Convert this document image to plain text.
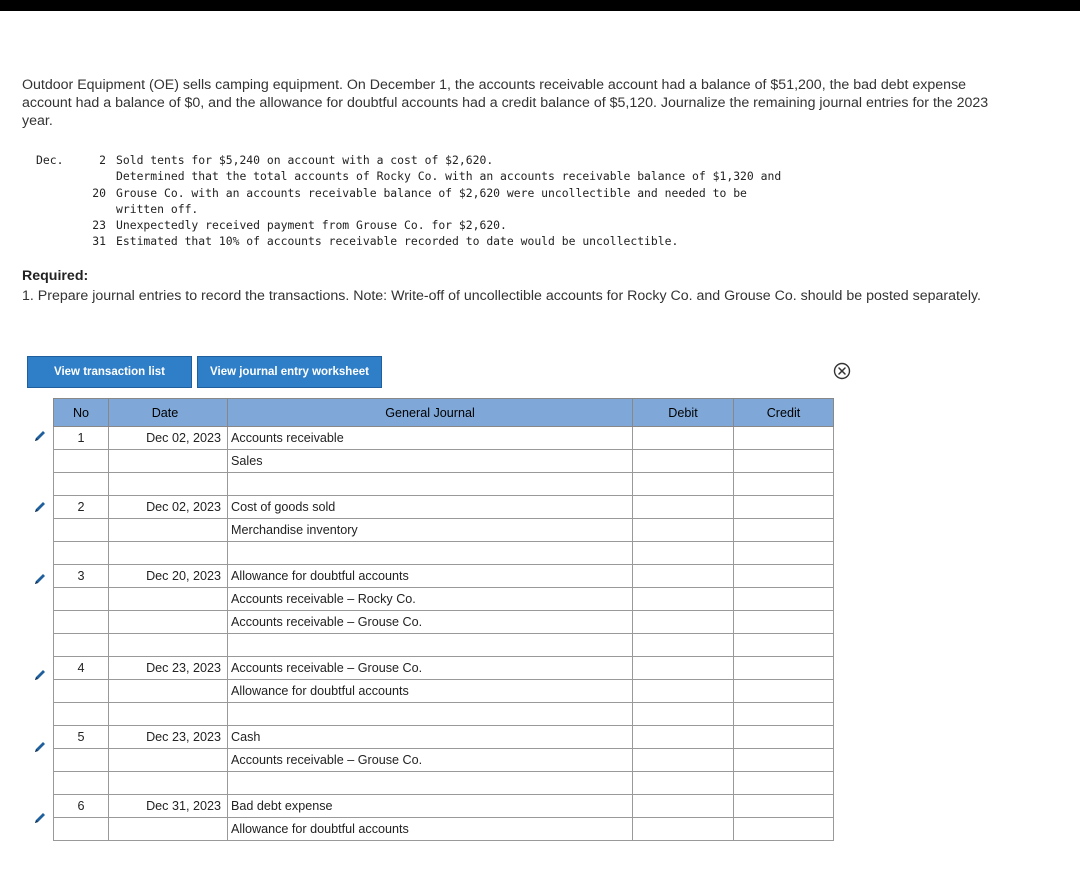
Outdoor Equipment (OE) sells camping equipment. On December 1, the accounts receivable account had a balance of $51,200, the bad debt expense account had a balance of $0, and the allowance for doubtful accounts had a credit balance of $5,120. Journalize the remaining journal entries for the 2023 year.

Dec.	2 Sold tents for $5,240 on account with a cost of $2,620.
Determined that the total accounts of Rocky Co. with an accounts receivable balance of $1,320 and
20 Grouse Co. with an accounts receivable balance of $2,620 were uncollectible and needed to be
written off.
23 Unexpectedly received payment from Grouse Co. for $2,620.
31 Estimated that 10% of accounts receivable recorded to date would be uncollectible.

Required:

1. Prepare journal entries to record the transactions. Note: Write-off of uncollectible accounts for Rocky Co. and Grouse Co. should be posted separately.

View transaction list	View journal entry worksheet
No	Date	General Journal	Debit	Credit
1	Dec 02, 2023	Accounts receivable		
		Sales		

2	Dec 02, 2023	Cost of goods sold		
		Merchandise inventory		

3	Dec 20, 2023	Allowance for doubtful accounts		
		Accounts receivable – Rocky Co.		
		Accounts receivable – Grouse Co.		

4	Dec 23, 2023	Accounts receivable – Grouse Co.		
		Allowance for doubtful accounts		

5	Dec 23, 2023	Cash		
		Accounts receivable – Grouse Co.		

6	Dec 31, 2023	Bad debt expense		
		Allowance for doubtful accounts		
